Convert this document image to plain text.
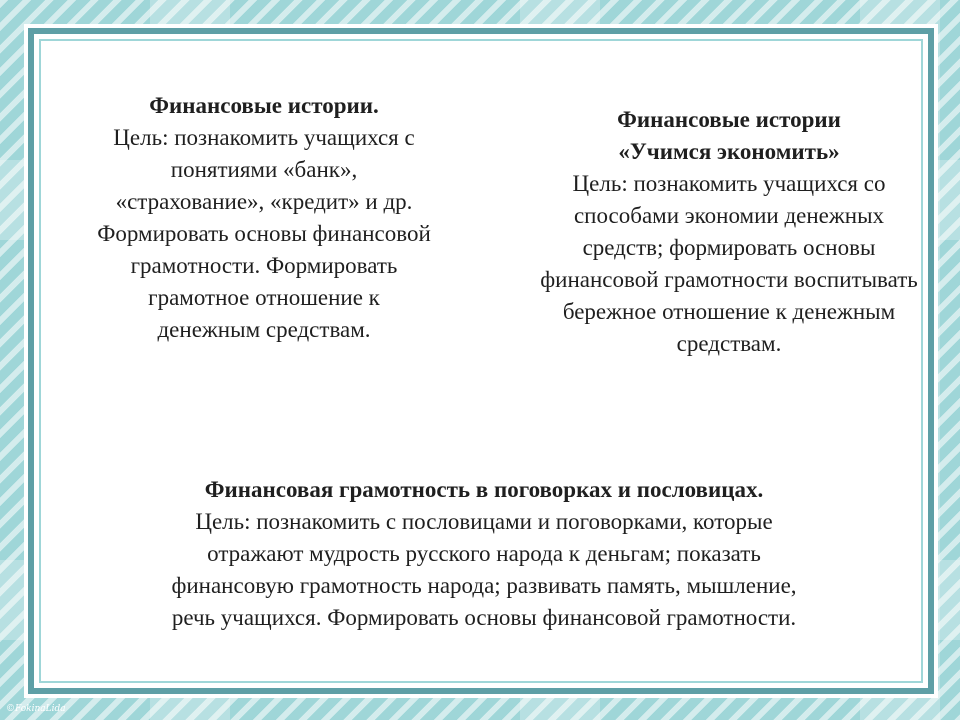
Финансовые истории.
Цель: познакомить учащихся с понятиями «банк», «страхование», «кредит» и др. Формировать основы финансовой грамотности. Формировать грамотное отношение к денежным средствам.
Финансовые истории
«Учимся экономить»
Цель: познакомить учащихся со способами экономии денежных средств; формировать основы финансовой грамотности воспитывать бережное отношение к денежным средствам.
Финансовая грамотность в поговорках и пословицах.
Цель: познакомить с пословицами и поговорками, которые отражают мудрость русского народа к деньгам; показать финансовую грамотность народа; развивать память, мышление, речь учащихся. Формировать основы финансовой грамотности.
©FokinaLida
